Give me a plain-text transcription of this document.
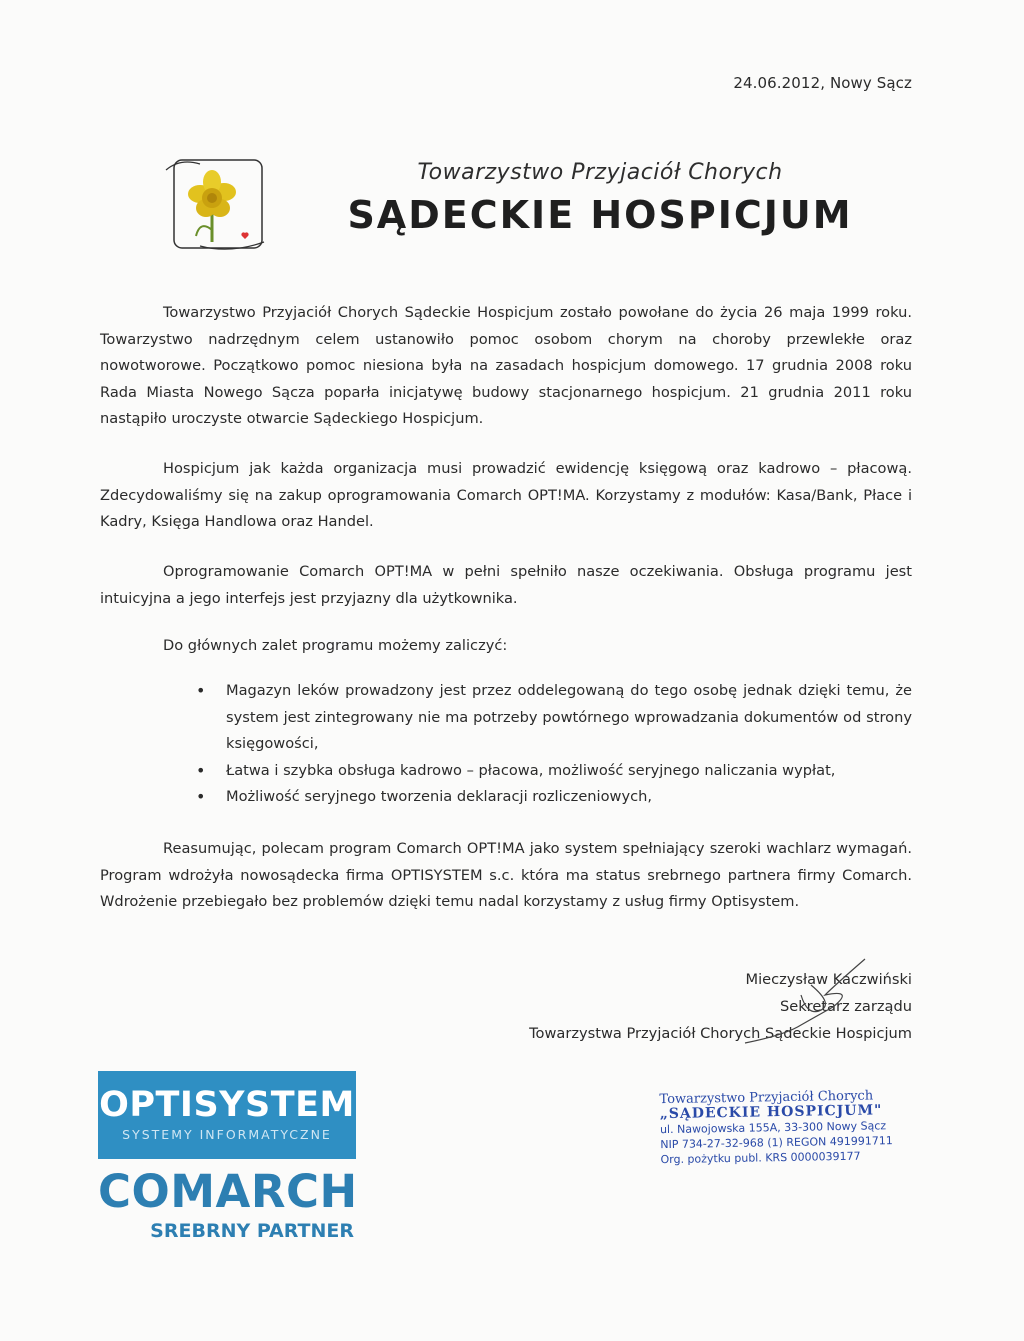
24.06.2012, Nowy Sącz
Towarzystwo Przyjaciół Chorych
SĄDECKIE HOSPICJUM

Towarzystwo Przyjaciół Chorych Sądeckie Hospicjum zostało powołane do życia 26 maja 1999 roku. Towarzystwo nadrzędnym celem ustanowiło pomoc osobom chorym na choroby przewlekłe oraz nowotworowe. Początkowo pomoc niesiona była na zasadach hospicjum domowego. 17 grudnia 2008 roku Rada Miasta Nowego Sącza poparła inicjatywę budowy stacjonarnego hospicjum. 21 grudnia 2011 roku nastąpiło uroczyste otwarcie Sądeckiego Hospicjum.

Hospicjum jak każda organizacja musi prowadzić ewidencję księgową oraz kadrowo – płacową. Zdecydowaliśmy się na zakup oprogramowania Comarch OPT!MA. Korzystamy z modułów: Kasa/Bank, Płace i Kadry, Księga Handlowa oraz Handel.

Oprogramowanie Comarch OPT!MA w pełni spełniło nasze oczekiwania. Obsługa programu jest intuicyjna a jego interfejs jest przyjazny dla użytkownika.

Do głównych zalet programu możemy zaliczyć:

• Magazyn leków prowadzony jest przez oddelegowaną do tego osobę jednak dzięki temu, że system jest zintegrowany nie ma potrzeby powtórnego wprowadzania dokumentów od strony księgowości,
• Łatwa i szybka obsługa kadrowo – płacowa, możliwość seryjnego naliczania wypłat,
• Możliwość seryjnego tworzenia deklaracji rozliczeniowych,

Reasumując, polecam program Comarch OPT!MA jako system spełniający szeroki wachlarz wymagań. Program wdrożyła nowosądecka firma OPTISYSTEM s.c. która ma status srebrnego partnera firmy Comarch. Wdrożenie przebiegało bez problemów dzięki temu nadal korzystamy z usług firmy Optisystem.

Mieczysław Kaczwiński
Sekretarz zarządu
Towarzystwa Przyjaciół Chorych Sądeckie Hospicjum
OPTISYSTEM
SYSTEMY INFORMATYCZNE
COMARCH
SREBRNY PARTNER
Towarzystwo Przyjaciół Chorych
„SĄDECKIE HOSPICJUM"
ul. Nawojowska 155A, 33-300 Nowy Sącz
NIP 734-27-32-968 (1) REGON 491991711
Org. pożytku publ. KRS 0000039177
